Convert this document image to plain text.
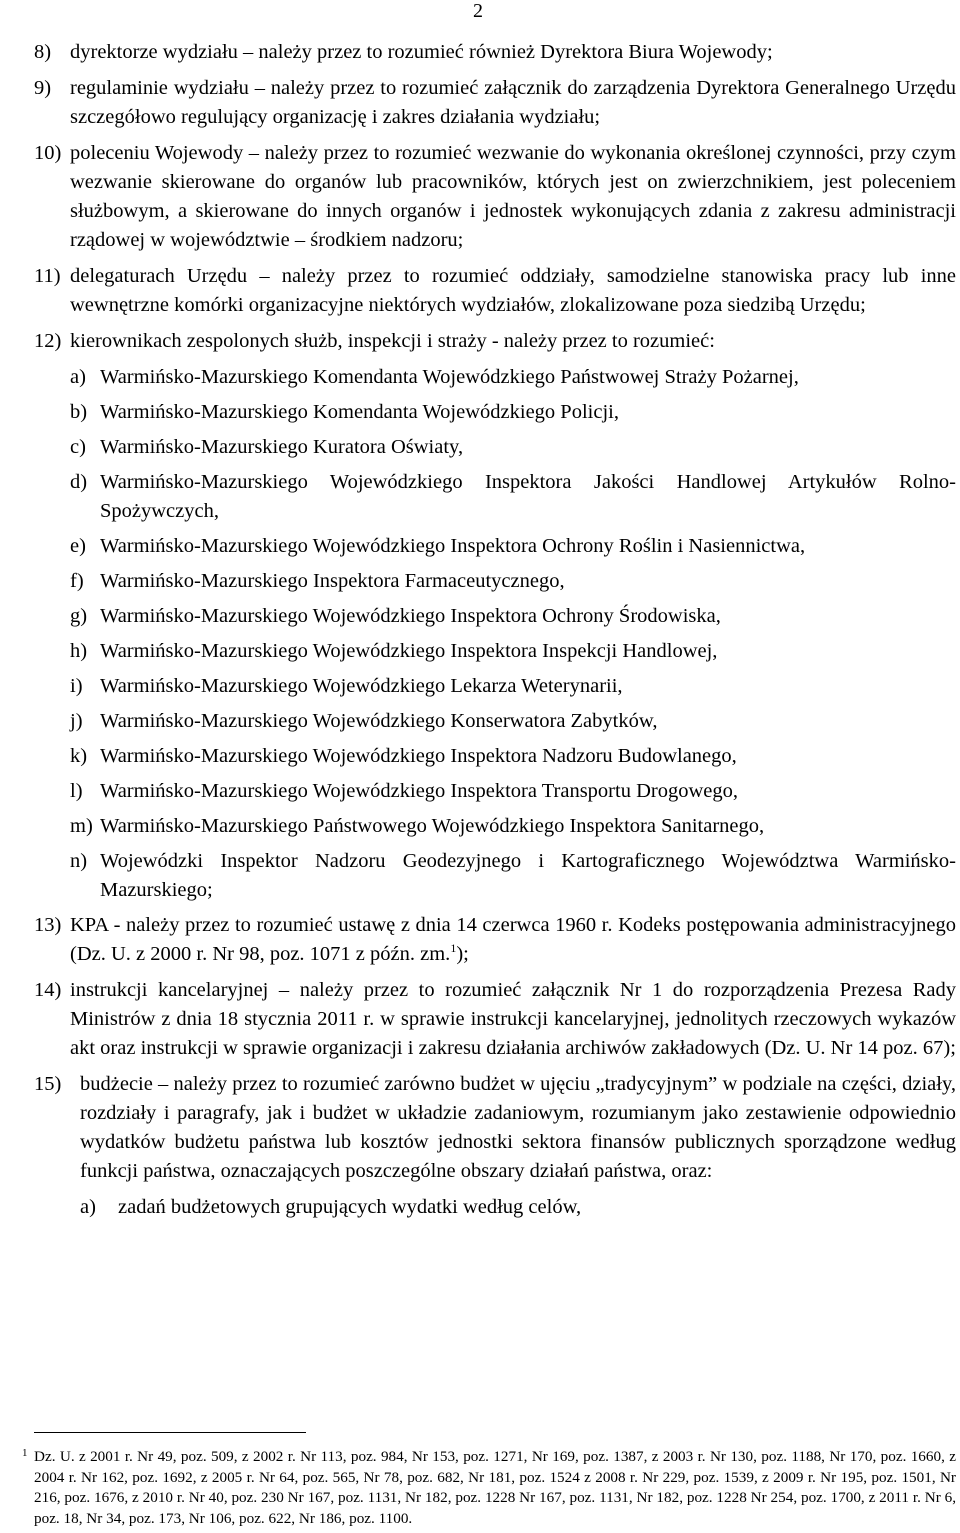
2
8) dyrektorze wydziału – należy przez to rozumieć również Dyrektora Biura Wojewody;
9) regulaminie wydziału – należy przez to rozumieć załącznik do zarządzenia Dyrektora Generalnego Urzędu szczegółowo regulujący organizację i zakres działania wydziału;
10) poleceniu Wojewody – należy przez to rozumieć wezwanie do wykonania określonej czynności, przy czym wezwanie skierowane do organów lub pracowników, których jest on zwierzchnikiem, jest poleceniem służbowym, a skierowane do innych organów i jednostek wykonujących zdania z zakresu administracji rządowej w województwie – środkiem nadzoru;
11) delegaturach Urzędu – należy przez to rozumieć oddziały, samodzielne stanowiska pracy lub inne wewnętrzne komórki organizacyjne niektórych wydziałów, zlokalizowane poza siedzibą Urzędu;
12) kierownikach zespolonych służb, inspekcji i straży - należy przez to rozumieć:
a) Warmińsko-Mazurskiego Komendanta Wojewódzkiego Państwowej Straży Pożarnej,
b) Warmińsko-Mazurskiego Komendanta Wojewódzkiego Policji,
c) Warmińsko-Mazurskiego Kuratora Oświaty,
d) Warmińsko-Mazurskiego Wojewódzkiego Inspektora Jakości Handlowej Artykułów Rolno-Spożywczych,
e) Warmińsko-Mazurskiego Wojewódzkiego Inspektora Ochrony Roślin i Nasiennictwa,
f) Warmińsko-Mazurskiego Inspektora Farmaceutycznego,
g) Warmińsko-Mazurskiego Wojewódzkiego Inspektora Ochrony Środowiska,
h) Warmińsko-Mazurskiego Wojewódzkiego Inspektora Inspekcji Handlowej,
i) Warmińsko-Mazurskiego Wojewódzkiego Lekarza Weterynarii,
j) Warmińsko-Mazurskiego Wojewódzkiego Konserwatora Zabytków,
k) Warmińsko-Mazurskiego Wojewódzkiego Inspektora Nadzoru Budowlanego,
l) Warmińsko-Mazurskiego Wojewódzkiego Inspektora Transportu Drogowego,
m) Warmińsko-Mazurskiego Państwowego Wojewódzkiego Inspektora Sanitarnego,
n) Wojewódzki Inspektor Nadzoru Geodezyjnego i Kartograficznego Województwa Warmińsko-Mazurskiego;
13) KPA - należy przez to rozumieć ustawę z dnia 14 czerwca 1960 r. Kodeks postępowania administracyjnego (Dz. U. z 2000 r. Nr 98, poz. 1071 z późn. zm.$^1$);
14) instrukcji kancelaryjnej – należy przez to rozumieć załącznik Nr 1 do rozporządzenia Prezesa Rady Ministrów z dnia 18 stycznia 2011 r. w sprawie instrukcji kancelaryjnej, jednolitych rzeczowych wykazów akt oraz instrukcji w sprawie organizacji i zakresu działania archiwów zakładowych (Dz. U. Nr 14 poz. 67);
15) budżecie – należy przez to rozumieć zarówno budżet w ujęciu „tradycyjnym” w podziale na części, działy, rozdziały i paragrafy, jak i budżet w układzie zadaniowym, rozumianym jako zestawienie odpowiednio wydatków budżetu państwa lub kosztów jednostki sektora finansów publicznych sporządzone według funkcji państwa, oznaczających poszczególne obszary działań państwa, oraz:
a) zadań budżetowych grupujących wydatki według celów,
1 Dz. U. z 2001 r. Nr 49, poz. 509, z 2002 r. Nr 113, poz. 984, Nr 153, poz. 1271, Nr 169, poz. 1387, z 2003 r. Nr 130, poz. 1188, Nr 170, poz. 1660, z 2004 r. Nr 162, poz. 1692, z 2005 r. Nr 64, poz. 565, Nr 78, poz. 682, Nr 181, poz. 1524 z 2008 r. Nr 229, poz. 1539, z 2009 r. Nr 195, poz. 1501, Nr 216, poz. 1676, z 2010 r. Nr 40, poz. 230 Nr 167, poz. 1131, Nr 182, poz. 1228 Nr 167, poz. 1131, Nr 182, poz. 1228 Nr 254, poz. 1700, z 2011 r. Nr 6, poz. 18, Nr 34, poz. 173, Nr 106, poz. 622, Nr 186, poz. 1100.
